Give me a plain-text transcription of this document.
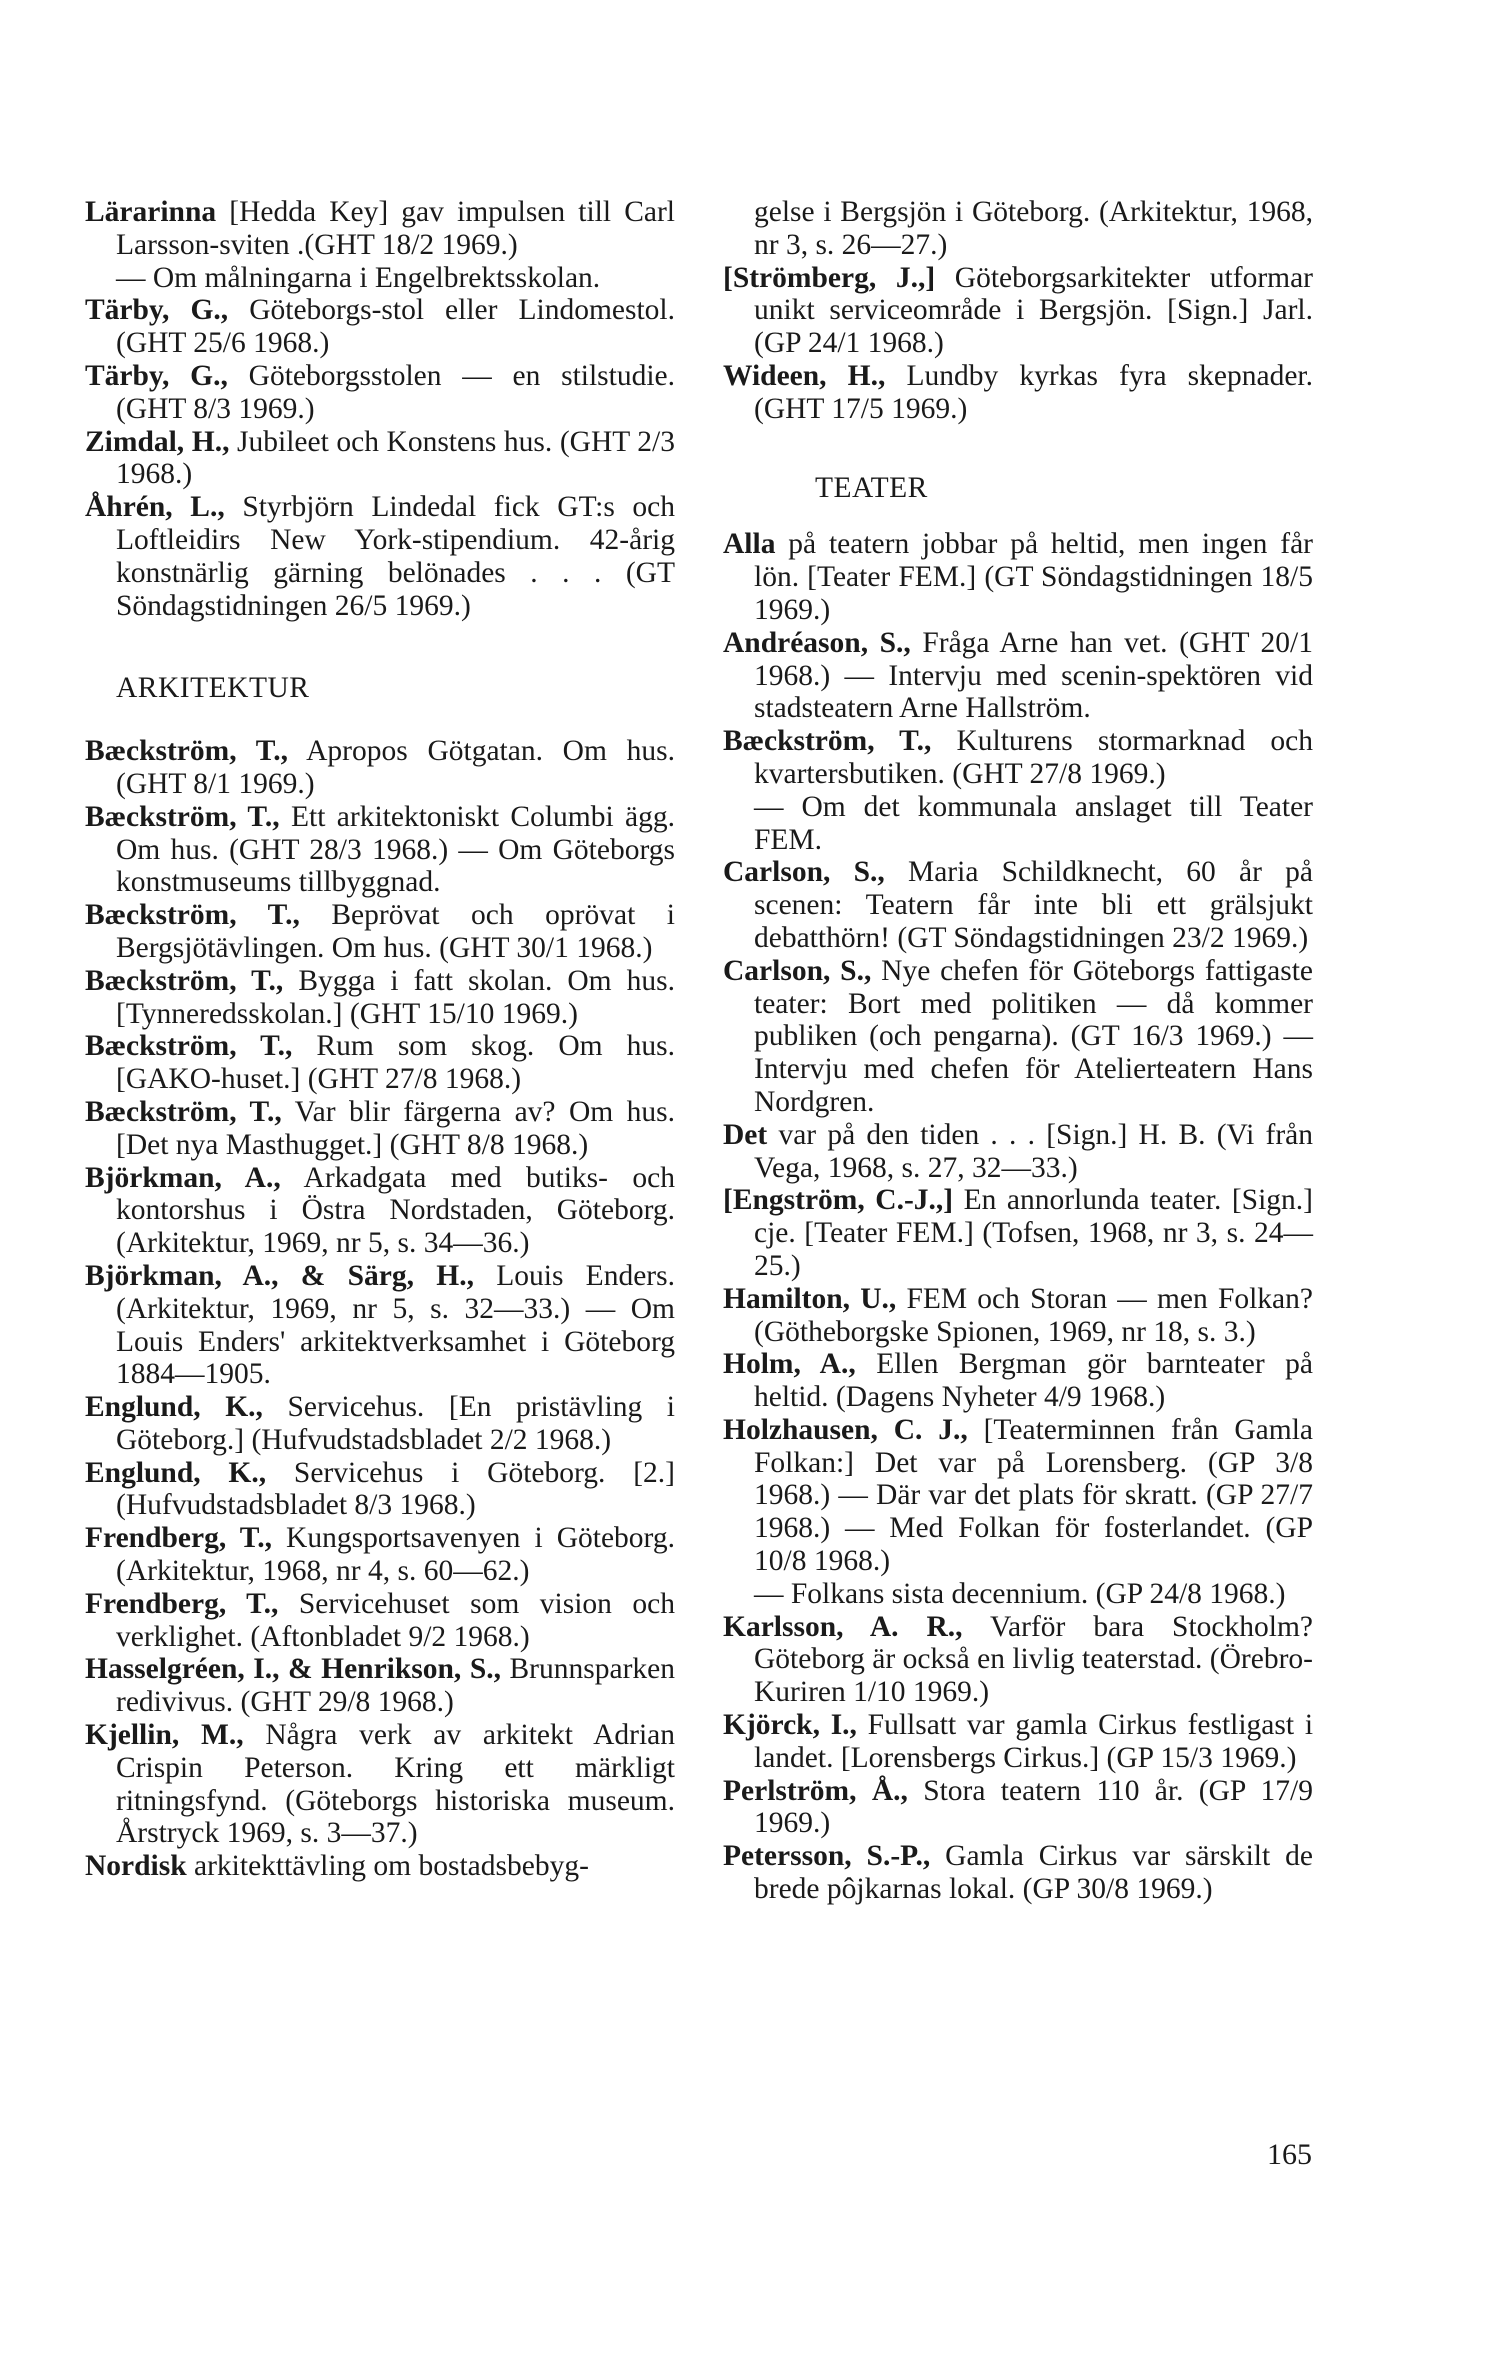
Lärarinna [Hedda Key] gav impulsen till Carl Larsson-sviten .(GHT 18/2 1969.)

— Om målningarna i Engelbrektsskolan.

Tärby, G., Göteborgs-stol eller Lindomestol. (GHT 25/6 1968.)

Tärby, G., Göteborgsstolen — en stilstudie. (GHT 8/3 1969.)

Zimdal, H., Jubileet och Konstens hus. (GHT 2/3 1968.)

Åhrén, L., Styrbjörn Lindedal fick GT:s och Loftleidirs New York-stipendium. 42-årig konstnärlig gärning belönades . . . (GT Söndagstidningen 26/5 1969.)

ARKITEKTUR

Bæckström, T., Apropos Götgatan. Om hus. (GHT 8/1 1969.)

Bæckström, T., Ett arkitektoniskt Columbi ägg. Om hus. (GHT 28/3 1968.) — Om Göteborgs konstmuseums tillbyggnad.

Bæckström, T., Beprövat och oprövat i Bergsjötävlingen. Om hus. (GHT 30/1 1968.)

Bæckström, T., Bygga i fatt skolan. Om hus. [Tynneredsskolan.] (GHT 15/10 1969.)

Bæckström, T., Rum som skog. Om hus. [GAKO-huset.] (GHT 27/8 1968.)

Bæckström, T., Var blir färgerna av? Om hus. [Det nya Masthugget.] (GHT 8/8 1968.)

Björkman, A., Arkadgata med butiks- och kontorshus i Östra Nordstaden, Göteborg. (Arkitektur, 1969, nr 5, s. 34—36.)

Björkman, A., & Särg, H., Louis Enders. (Arkitektur, 1969, nr 5, s. 32—33.) — Om Louis Enders' arkitektverksamhet i Göteborg 1884—1905.

Englund, K., Servicehus. [En pristävling i Göteborg.] (Hufvudstadsbladet 2/2 1968.)

Englund, K., Servicehus i Göteborg. [2.] (Hufvudstadsbladet 8/3 1968.)

Frendberg, T., Kungsportsavenyen i Göteborg. (Arkitektur, 1968, nr 4, s. 60—62.)

Frendberg, T., Servicehuset som vision och verklighet. (Aftonbladet 9/2 1968.)

Hasselgréen, I., & Henrikson, S., Brunnsparken redivivus. (GHT 29/8 1968.)

Kjellin, M., Några verk av arkitekt Adrian Crispin Peterson. Kring ett märkligt ritningsfynd. (Göteborgs historiska museum. Årstryck 1969, s. 3—37.)

Nordisk arkitekttävling om bostadsbebyg-

gelse i Bergsjön i Göteborg. (Arkitektur, 1968, nr 3, s. 26—27.)

[Strömberg, J.,] Göteborgsarkitekter utformar unikt serviceområde i Bergsjön. [Sign.] Jarl. (GP 24/1 1968.)

Wideen, H., Lundby kyrkas fyra skepnader. (GHT 17/5 1969.)

TEATER

Alla på teatern jobbar på heltid, men ingen får lön. [Teater FEM.] (GT Söndagstidningen 18/5 1969.)

Andréason, S., Fråga Arne han vet. (GHT 20/1 1968.) — Intervju med scenin-spektören vid stadsteatern Arne Hallström.

Bæckström, T., Kulturens stormarknad och kvartersbutiken. (GHT 27/8 1969.)

— Om det kommunala anslaget till Teater FEM.

Carlson, S., Maria Schildknecht, 60 år på scenen: Teatern får inte bli ett grälsjukt debatthörn! (GT Söndagstidningen 23/2 1969.)

Carlson, S., Nye chefen för Göteborgs fattigaste teater: Bort med politiken — då kommer publiken (och pengarna). (GT 16/3 1969.) — Intervju med chefen för Atelierteatern Hans Nordgren.

Det var på den tiden . . . [Sign.] H. B. (Vi från Vega, 1968, s. 27, 32—33.)

[Engström, C.-J.,] En annorlunda teater. [Sign.] cje. [Teater FEM.] (Tofsen, 1968, nr 3, s. 24—25.)

Hamilton, U., FEM och Storan — men Folkan? (Götheborgske Spionen, 1969, nr 18, s. 3.)

Holm, A., Ellen Bergman gör barnteater på heltid. (Dagens Nyheter 4/9 1968.)

Holzhausen, C. J., [Teaterminnen från Gamla Folkan:] Det var på Lorensberg. (GP 3/8 1968.) — Där var det plats för skratt. (GP 27/7 1968.) — Med Folkan för fosterlandet. (GP 10/8 1968.)

— Folkans sista decennium. (GP 24/8 1968.)

Karlsson, A. R., Varför bara Stockholm? Göteborg är också en livlig teaterstad. (Örebro-Kuriren 1/10 1969.)

Kjörck, I., Fullsatt var gamla Cirkus festligast i landet. [Lorensbergs Cirkus.] (GP 15/3 1969.)

Perlström, Å., Stora teatern 110 år. (GP 17/9 1969.)

Petersson, S.-P., Gamla Cirkus var särskilt de brede pôjkarnas lokal. (GP 30/8 1969.)

165
